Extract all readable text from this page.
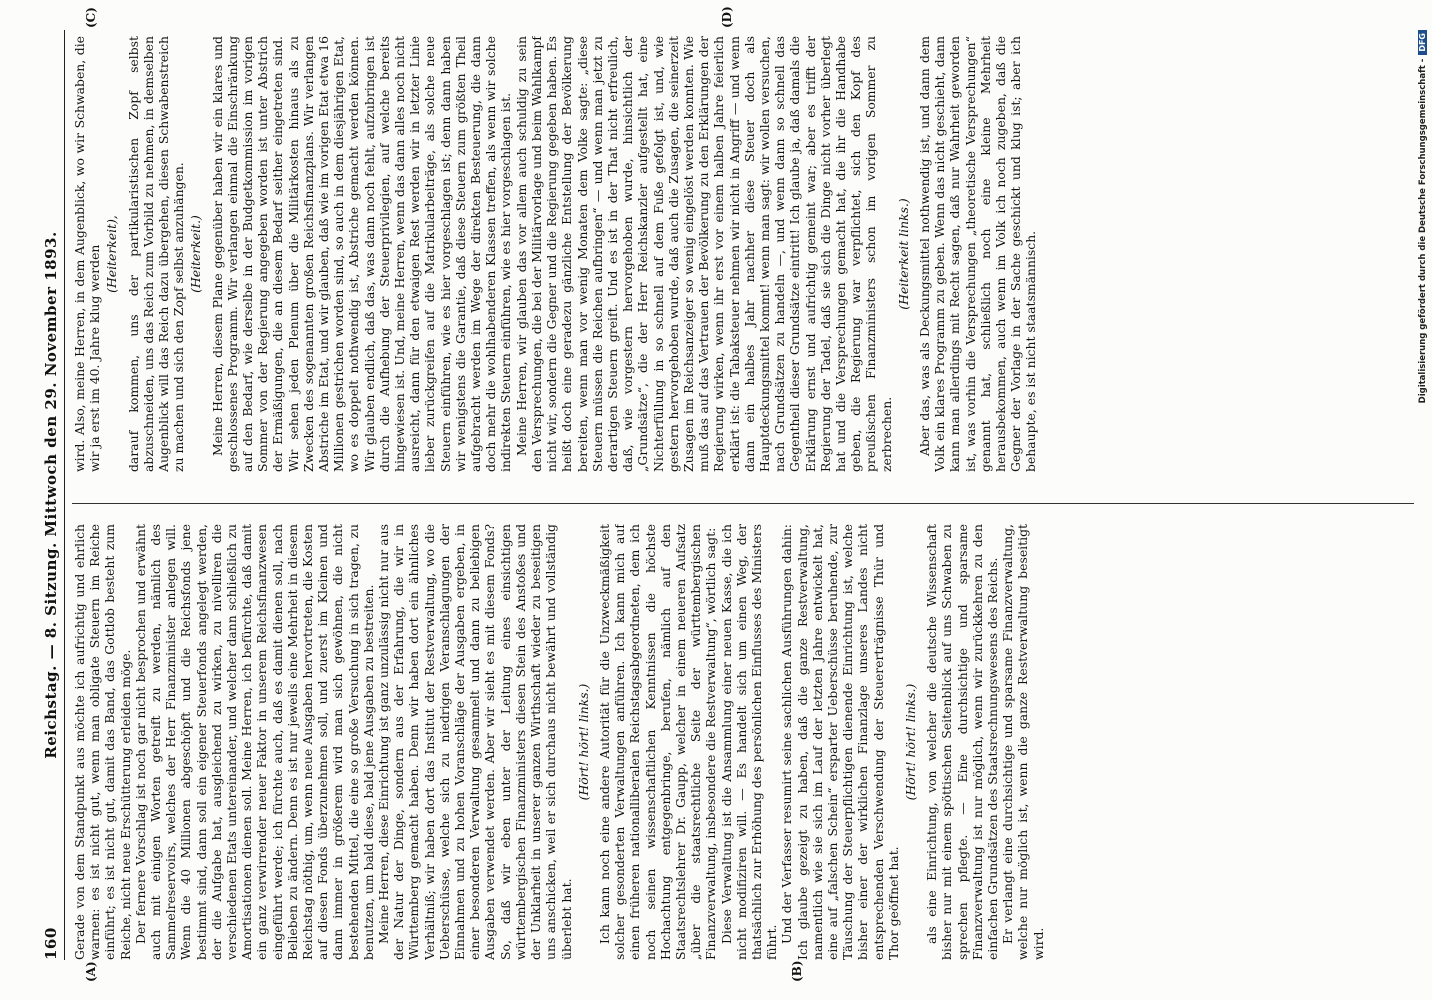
160
Reichstag. — 8. Sitzung. Mittwoch den 29. November 1893.
(A)	(B)
(C)	(D)

Gerade von dem Standpunkt aus möchte ich aufrichtig und ehrlich warnen: es ist nicht gut, wenn man obligate Steuern im Reiche einführt; es ist nicht gut, damit das Band, das Gottlob besteht zum Reiche, nicht neue Erschütterung erleiden möge. Der fernere Vorschlag ist noch gar nicht besprochen und erwähnt auch mit einigen Worten getreift zu werden, nämlich des Sammelreservoirs, welches der Herr Finanzminister anlegen will. Wenn die 40 Millionen abgeschöpft und die Reichsfonds jene bestimmt sind, dann soll ein eigener Steuerfonds angelegt werden, der die Aufgabe hat, ausgleichend zu wirken, zu nivelliren die verschiedenen Etats untereinander, und welcher dann schließlich zu Amortisationen dienen soll. Meine Herren, ich befürchte, daß damit ein ganz verwirrender neuer Faktor in unserem Reichsfinanzwesen eingeführt werde; ich fürchte auch, daß es damit dienen soll, nach Belieben zu ändern. Denn es ist nur jeweils eine Mehrheit in diesem Reichstag nöthig, um, wenn neue Ausgaben hervortreten, die Kosten auf diesen Fonds überzunehmen soll, und zuerst im Kleinen und dann immer in größerem wird man sich gewöhnen, die nicht bestehenden Mittel, die eine so große Versuchung in sich tragen, zu benutzen, um bald diese, bald jene Ausgaben zu bestreiten. Meine Herren, diese Einrichtung ist ganz unzulässig nicht nur aus der Natur der Dinge, sondern aus der Erfahrung, die wir in Württemberg gemacht haben. Denn wir haben dort ein ähnliches Verhältniß; wir haben dort das Institut der Restverwaltung, wo die Ueberschüsse, welche sich zu niedrigen Veranschlagungen der Einnahmen und zu hohen Voranschläge der Ausgaben ergeben, in einer besonderen Verwaltung gesammelt und dann zu beliebigen Ausgaben verwendet werden. Aber wir sieht es mit diesem Fonds? So, daß wir eben unter der Leitung eines einsichtigen württembergischen Finanzministers diesen Stein des Anstoßes und der Unklarheit in unserer ganzen Wirthschaft wieder zu beseitigen uns anschicken, weil er sich durchaus nicht bewährt und vollständig überlebt hat.

(Hört! hört! links.) Ich kann noch eine andere Autorität für die Unzweckmäßigkeit solcher gesonderten Verwaltungen anführen. Ich kann mich auf einen früheren nationalliberalen Reichstagsabgeordneten, dem ich noch seinen wissenschaftlichen Kenntnissen die höchste Hochachtung entgegenbringe, berufen, nämlich auf den Staatsrechtslehrer Dr. Gaupp, welcher in einem neueren Aufsatz „über die staatsrechtliche Seite der württembergischen Finanzverwaltung, insbesondere die Restverwaltung“, wörtlich sagt: Diese Verwaltung ist die Ansammlung einer neuen Kasse, die ich nicht modifiziren will. — Es handelt sich um einen Weg, der thatsächlich zur Erhöhung des persönlichen Einflusses des Ministers führt. Und der Verfasser resumirt seine sachlichen Ausführungen dahin: Ich glaube gezeigt zu haben, daß die ganze Restverwaltung, namentlich wie sie sich im Lauf der letzten Jahre entwickelt hat, eine auf „falschen Schein“ ersparter Ueberschüsse beruhende, zur Täuschung der Steuerpflichtigen dienende Einrichtung ist, welche bisher einer der wirklichen Finanzlage unseres Landes nicht entsprechenden Verschwendung der Steuererträgnisse Thür und Thor geöffnet hat.

(Hört! hört! links.) als eine Einrichtung, von welcher die deutsche Wissenschaft bisher nur mit einem spöttischen Seitenblick auf uns Schwaben zu sprechen pflegte. — Eine durchsichtige und sparsame Finanzverwaltung ist nur möglich, wenn wir zurückkehren zu den einfachen Grundsätzen des Staatsrechnungswesens des Reichs. Er verlangt eine durchsichtige und sparsame Finanzverwaltung, welche nur möglich ist, wenn die ganze Restverwaltung beseitigt wird.

wird. Also, meine Herren, in dem Augenblick, wo wir Schwaben, die wir ja erst im 40. Jahre klug werden (Heiterkeit), darauf kommen, uns der partikularistischen Zopf selbst abzuschneiden, uns das Reich zum Vorbild zu nehmen, in demselben Augenblick will das Reich dazu übergehen, diesen Schwabenstreich zu machen und sich den Zopf selbst anzuhängen. (Heiterkeit.) Meine Herren, diesem Plane gegenüber haben wir ein klares und geschlossenes Programm. Wir verlangen einmal die Einschränkung auf den Bedarf, wie derselbe in der Budgetkommission im vorigen Sommer von der Regierung angegeben worden ist unter Abstrich der Ermäßigungen, die an diesem Bedarf seither eingetreten sind. Wir sehen jeden Plenum über die Militärkosten hinaus als zu Zwecken des sogenannten großen Reichsfinanzplans. Wir verlangen Abstriche im Etat, und wir glauben, daß wie im vorigen Etat etwa 16 Millionen gestrichen worden sind, so auch in dem diesjährigen Etat, wo es doppelt nothwendig ist, Abstriche gemacht werden können. Wir glauben endlich, daß das, was dann noch fehlt, aufzubringen ist durch die Aufhebung der Steuerprivilegien, auf welche bereits hingewiesen ist. Und, meine Herren, wenn das dann alles noch nicht ausreicht, dann für den etwaigen Rest werden wir in letzter Linie lieber zurückgreifen auf die Matrikularbeiträge, als solche neue Steuern einführen, wie es hier vorgeschlagen ist; denn dann haben wir wenigstens die Garantie, daß diese Steuern zum größten Theil aufgebracht werden im Wege der direkten Besteuerung, die dann doch mehr die wohlhabenderen Klassen treffen, als wenn wir solche indirekten Steuern einführen, wie es hier vorgeschlagen ist. Meine Herren, wir glauben das vor allem auch schuldig zu sein den Versprechungen, die bei der Militärvorlage und beim Wahlkampf nicht wir, sondern die Gegner und die Regierung gegeben haben. Es heißt doch eine geradezu gänzliche Entstellung der Bevölkerung bereiten, wenn man vor wenig Monaten dem Volke sagte: „diese Steuern müssen die Reichen aufbringen“ — und wenn man jetzt zu derartigen Steuern greift. Und es ist in der That nicht erfreulich, daß, wie vorgestern hervorgehoben wurde, hinsichtlich der „Grundsätze“, die der Herr Reichskanzler aufgestellt hat, eine Nichterfüllung in so schnell auf dem Fuße gefolgt ist, und, wie gestern hervorgehoben wurde, daß auch die Zusagen, die seinerzeit Zusagen im Reichsanzeiger so wenig eingelöst werden konnten. Wie muß das auf das Vertrauen der Bevölkerung zu den Erklärungen der Regierung wirken, wenn ihr erst vor einem halben Jahre feierlich erklärt ist: die Tabaksteuer nehmen wir nicht in Angriff — und wenn dann ein halbes Jahr nachher diese Steuer doch als Hauptdeckungsmittel kommt! wenn man sagt: wir wollen versuchen, nach Grundsätzen zu handeln —, und wenn dann so schnell das Gegentheil dieser Grundsätze eintritt! Ich glaube ja, daß damals die Erklärung ernst und aufrichtig gemeint war; aber es trifft der Regierung der Tadel, daß sie sich die Dinge nicht vorher überlegt hat und die Versprechungen gemacht hat, die ihr die Handhabe geben, die Regierung war verpflichtet, sich den Kopf des preußischen Finanzministers schon im vorigen Sommer zu zerbrechen.

(Heiterkeit links.) Aber das, was als Deckungsmittel nothwendig ist, und dann dem Volk ein klares Programm zu geben. Wenn das nicht geschieht, dann kann man allerdings mit Recht sagen, daß nur Wahrheit geworden ist, was vorhin die Versprechungen „theoretische Versprechungen“ genannt hat, schließlich noch eine kleine Mehrheit herausbekommen, auch wenn im Volk ich noch zugeben, daß die Gegner der Vorlage in der Sache geschickt und klug ist; aber ich behaupte, es ist nicht staatsmännisch.	Digitalisierung gefördert durch die Deutsche Forschungsgemeinschaft -DFG
